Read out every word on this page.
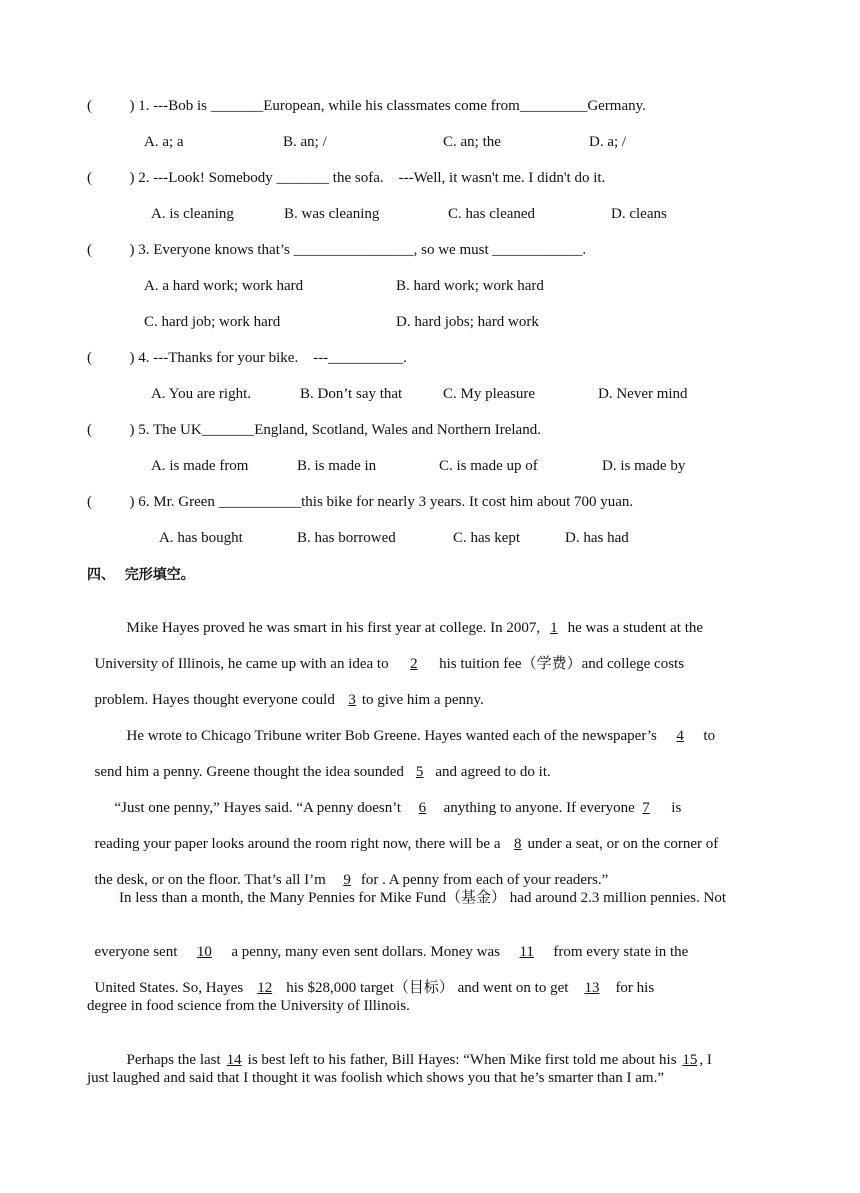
(          ) 1. ---Bob is _______European, while his classmates come from_________Germany.
A. a; a	B. an; /	C. an; the	D. a; /
(          ) 2. ---Look! Somebody _______ the sofa.    ---Well, it wasn't me. I didn't do it.
A. is cleaning	B. was cleaning	C. has cleaned	D. cleans
(          ) 3. Everyone knows that’s ________________, so we must ____________.
A. a hard work; work hard	B. hard work; work hard
C. hard job; work hard	D. hard jobs; hard work
(          ) 4. ---Thanks for your bike.    ---__________.
A. You are right.	B. Don’t say that	C. My pleasure	D. Never mind
(          ) 5. The UK_______England, Scotland, Wales and Northern Ireland.
A. is made from	B. is made in	C. is made up of	D. is made by
(          ) 6. Mr. Green ___________this bike for nearly 3 years. It cost him about 700 yuan.
A. has bought	B. has borrowed	C. has kept	D. has had
四、  完形填空。

Mike Hayes proved he was smart in his first year at college. In 2007, 1 he was a student at the

University of Illinois, he came up with an idea to 2 his tuition fee（学费）and college costs

problem. Hayes thought everyone could 3 to give him a penny.

He wrote to Chicago Tribune writer Bob Greene. Hayes wanted each of the newspaper’s 4 to

send him a penny. Greene thought the idea sounded 5 and agreed to do it.

“Just one penny,” Hayes said. “A penny doesn’t 6 anything to anyone. If everyone 7 is

reading your paper looks around the room right now, there will be a 8 under a seat, or on the corner of

the desk, or on the floor. That’s all I’m 9 for . A penny from each of your readers.”

In less than a month, the Many Pennies for Mike Fund（基金） had around 2.3 million pennies. Not

everyone sent 10 a penny, many even sent dollars. Money was 11 from every state in the

United States. So, Hayes 12 his $28,000 target（目标） and went on to get 13 for his

degree in food science from the University of Illinois.

Perhaps the last 14 is best left to his father, Bill Hayes: “When Mike first told me about his 15 , I

just laughed and said that I thought it was foolish which shows you that he’s smarter than I am.”
